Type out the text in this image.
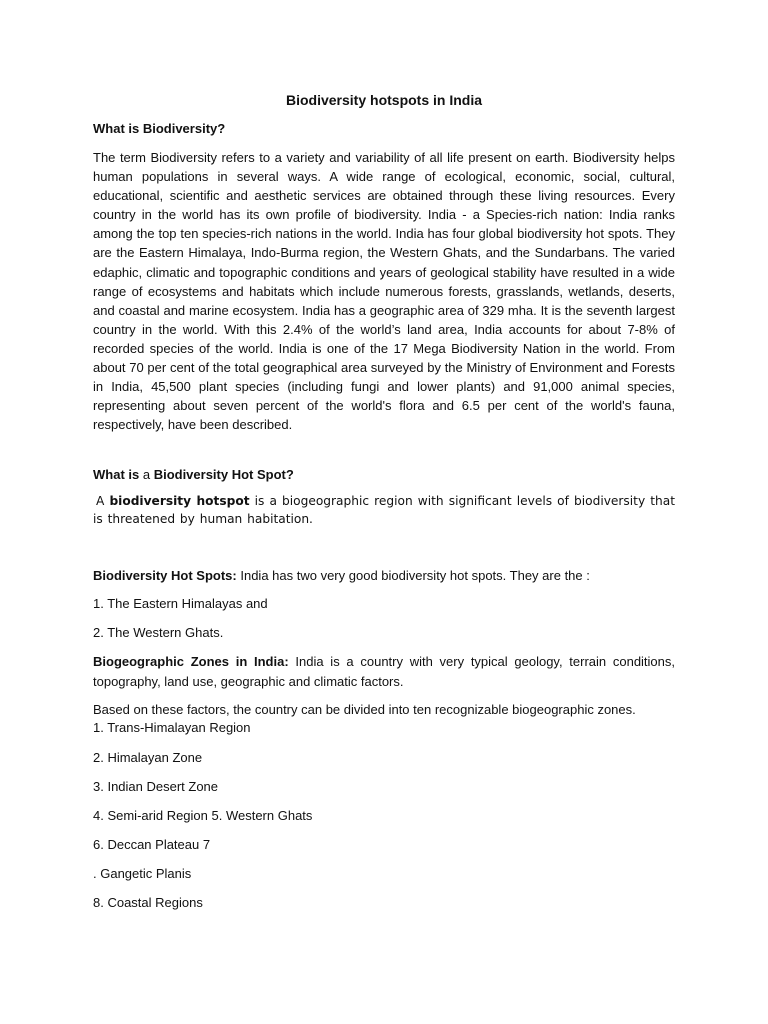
Biodiversity hotspots in India
What is Biodiversity?
The term Biodiversity refers to a variety and variability of all life present on earth. Biodiversity helps human populations in several ways. A wide range of ecological, economic, social, cultural, educational, scientific and aesthetic services are obtained through these living resources. Every country in the world has its own profile of biodiversity. India - a Species-rich nation: India ranks among the top ten species-rich nations in the world. India has four global biodiversity hot spots. They are the Eastern Himalaya, Indo-Burma region, the Western Ghats, and the Sundarbans. The varied edaphic, climatic and topographic conditions and years of geological stability have resulted in a wide range of ecosystems and habitats which include numerous forests, grasslands, wetlands, deserts, and coastal and marine ecosystem. India has a geographic area of 329 mha. It is the seventh largest country in the world. With this 2.4% of the world’s land area, India accounts for about 7-8% of recorded species of the world. India is one of the 17 Mega Biodiversity Nation in the world. From about 70 per cent of the total geographical area surveyed by the Ministry of Environment and Forests in India, 45,500 plant species (including fungi and lower plants) and 91,000 animal species, representing about seven percent of the world's flora and 6.5 per cent of the world's fauna, respectively, have been described.
What is a Biodiversity Hot Spot?
A biodiversity hotspot is a biogeographic region with significant levels of biodiversity that is threatened by human habitation.
Biodiversity Hot Spots: India has two very good biodiversity hot spots. They are the :
1. The Eastern Himalayas and
2. The Western Ghats.
Biogeographic Zones in India: India is a country with very typical geology, terrain conditions, topography, land use, geographic and climatic factors.
Based on these factors, the country can be divided into ten recognizable biogeographic zones.
1. Trans-Himalayan Region
2. Himalayan Zone
3. Indian Desert Zone
4. Semi-arid Region 5. Western Ghats
6. Deccan Plateau 7
. Gangetic Planis
8. Coastal Regions
